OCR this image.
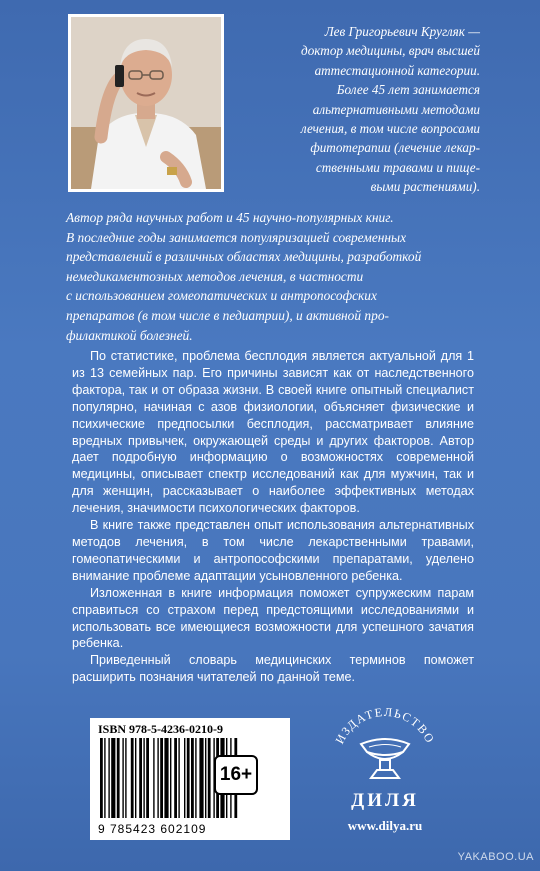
Лев Григорьевич Кругляк —
доктор медицины, врач высшей
аттестационной категории.
Более 45 лет занимается
альтернативными методами
лечения, в том числе вопросами
фитотерапии (лечение лекар-
ственными травами и пище-
выми растениями).
Автор ряда научных работ и 45 научно-популярных книг.
В последние годы занимается популяризацией современных
представлений в различных областях медицины, разработкой
немедикаментозных методов лечения, в частности
с использованием гомеопатических и антропософских
препаратов (в том числе в педиатрии), и активной про-
филактикой болезней.

По статистике, проблема бесплодия является актуальной для 1 из 13 семейных пар. Его причины зависят как от наследственного фактора, так и от образа жизни. В своей книге опытный специалист популярно, начиная с азов физиологии, объясняет физические и психические предпосылки бесплодия, рассматривает влияние вредных привычек, окружающей среды и других факторов. Автор дает подробную информацию о возможностях современной медицины, описывает спектр исследований как для мужчин, так и для женщин, рассказывает о наиболее эффективных методах лечения, значимости психологических факторов.

В книге также представлен опыт использования альтернативных методов лечения, в том числе лекарственными травами, гомеопатическими и антропософскими препаратами, уделено внимание проблеме адаптации усыновленного ребенка.

Изложенная в книге информация поможет супружеским парам справиться со страхом перед предстоящими исследованиями и использовать все имеющиеся возможности для успешного зачатия ребенка.

Приведенный словарь медицинских терминов поможет расширить познания читателей по данной теме.

ISBN 978-5-4236-0210-9
9 785423 602109
16+
ИЗДАТЕЛЬСТВО
ДИЛЯ
www.dilya.ru
YAKABOO.UA
